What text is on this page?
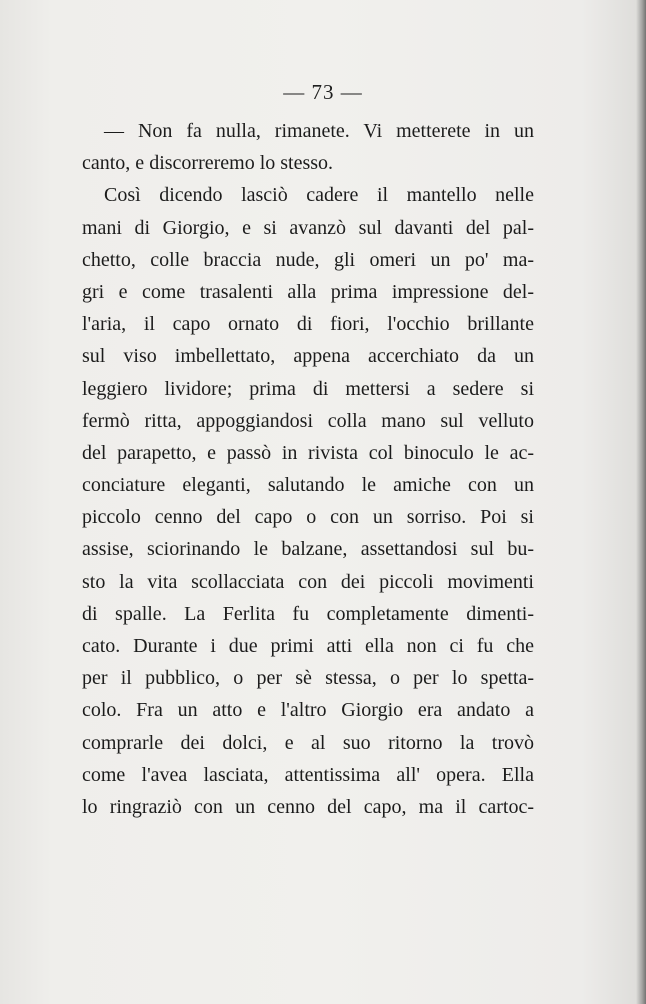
— 73 —
— Non fa nulla, rimanete. Vi metterete in un
canto, e discorreremo lo stesso.
Così dicendo lasciò cadere il mantello nelle
mani di Giorgio, e si avanzò sul davanti del pal-
chetto, colle braccia nude, gli omeri un po' ma-
gri e come trasalenti alla prima impressione del-
l'aria, il capo ornato di fiori, l'occhio brillante
sul viso imbellettato, appena accerchiato da un
leggiero lividore; prima di mettersi a sedere si
fermò ritta, appoggiandosi colla mano sul velluto
del parapetto, e passò in rivista col binoculo le ac-
conciature eleganti, salutando le amiche con un
piccolo cenno del capo o con un sorriso. Poi si
assise, sciorinando le balzane, assettandosi sul bu-
sto la vita scollacciata con dei piccoli movimenti
di spalle. La Ferlita fu completamente dimenti-
cato. Durante i due primi atti ella non ci fu che
per il pubblico, o per sè stessa, o per lo spetta-
colo. Fra un atto e l'altro Giorgio era andato a
comprarle dei dolci, e al suo ritorno la trovò
come l'avea lasciata, attentissima all' opera. Ella
lo ringraziò con un cenno del capo, ma il cartoc-
